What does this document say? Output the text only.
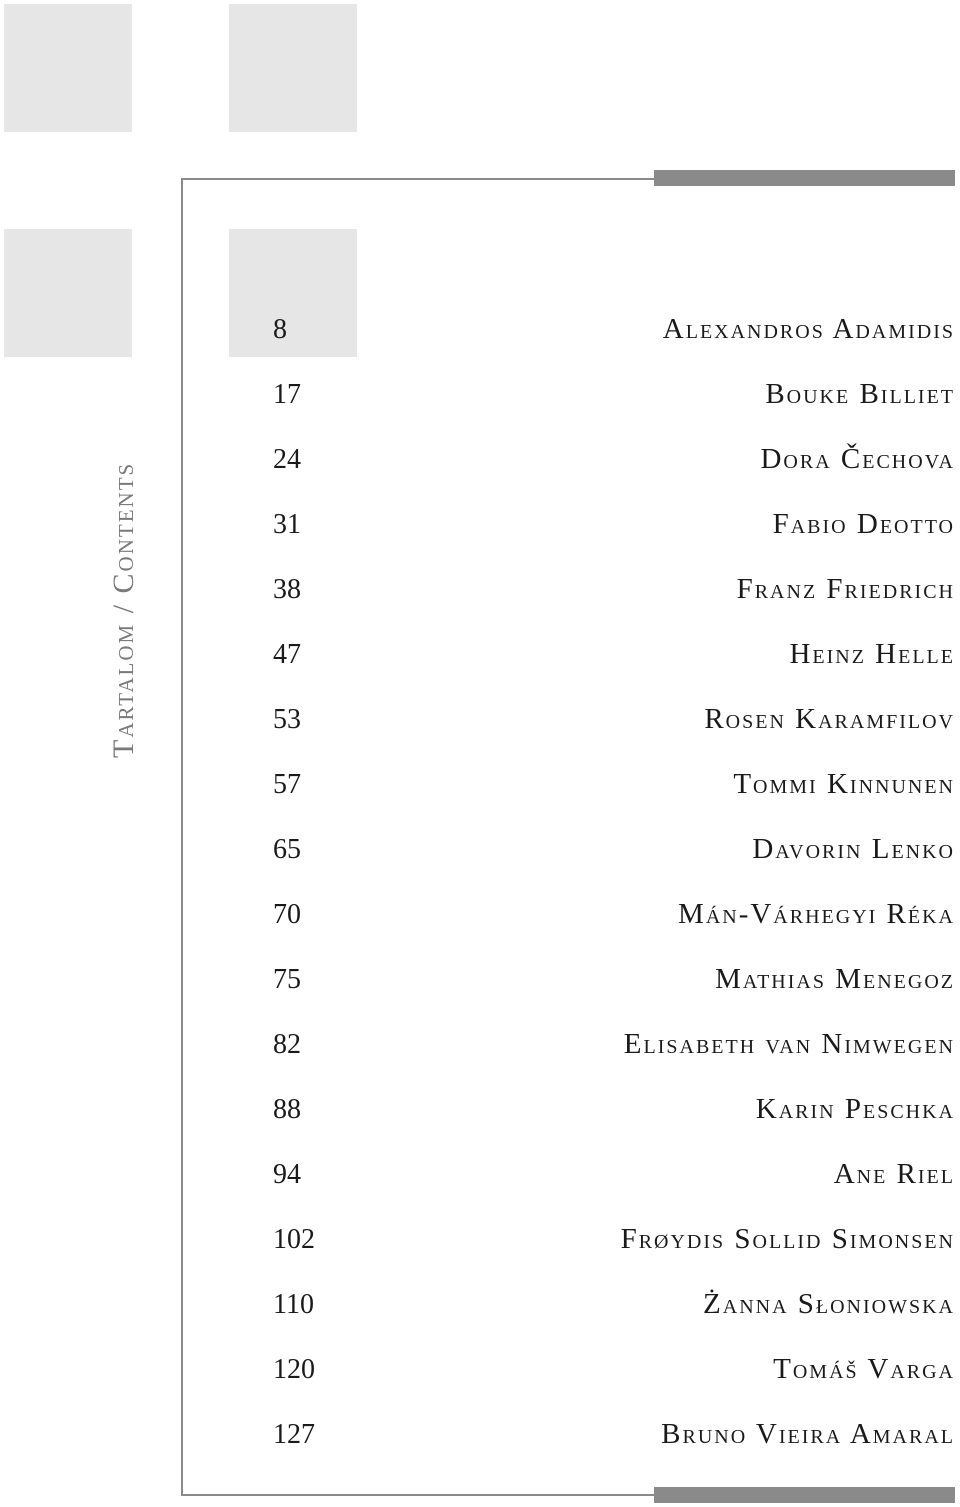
Tartalom / Contents
8	Alexandros Adamidis
17	Bouke Billiet
24	Dora Čechova
31	Fabio Deotto
38	Franz Friedrich
47	Heinz Helle
53	Rosen Karamfilov
57	Tommi Kinnunen
65	Davorin Lenko
70	Mán-Várhegyi Réka
75	Mathias Menegoz
82	Elisabeth van Nimwegen
88	Karin Peschka
94	Ane Riel
102	Frøydis Sollid Simonsen
110	Żanna Słoniowska
120	Tomáš Varga
127	Bruno Vieira Amaral
